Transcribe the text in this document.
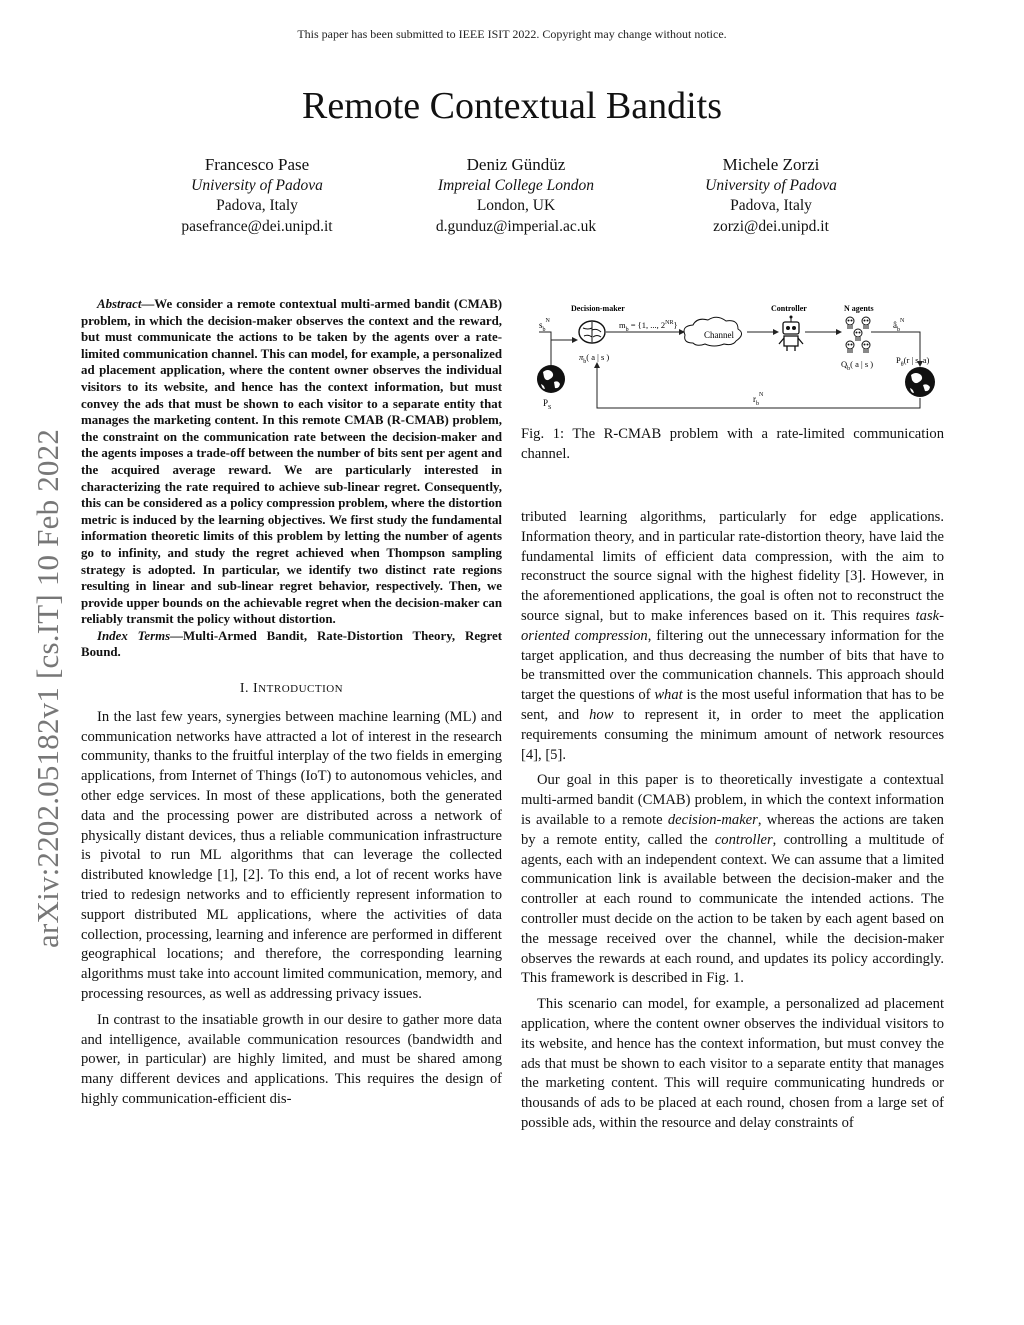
This paper has been submitted to IEEE ISIT 2022. Copyright may change without notice.
Remote Contextual Bandits
Francesco Pase
University of Padova
Padova, Italy
pasefrance@dei.unipd.it
Deniz Gündüz
Impreial College London
London, UK
d.gunduz@imperial.ac.uk
Michele Zorzi
University of Padova
Padova, Italy
zorzi@dei.unipd.it
arXiv:2202.05182v1 [cs.IT] 10 Feb 2022

Abstract—We consider a remote contextual multi-armed bandit (CMAB) problem, in which the decision-maker observes the context and the reward, but must communicate the actions to be taken by the agents over a rate-limited communication channel. This can model, for example, a personalized ad placement application, where the content owner observes the individual visitors to its website, and hence has the context information, but must convey the ads that must be shown to each visitor to a separate entity that manages the marketing content. In this remote CMAB (R-CMAB) problem, the constraint on the communication rate between the decision-maker and the agents imposes a trade-off between the number of bits sent per agent and the acquired average reward. We are particularly interested in characterizing the rate required to achieve sub-linear regret. Consequently, this can be considered as a policy compression problem, where the distortion metric is induced by the learning objectives. We first study the fundamental information theoretic limits of this problem by letting the number of agents go to infinity, and study the regret achieved when Thompson sampling strategy is adopted. In particular, we identify two distinct rate regions resulting in linear and sub-linear regret behavior, respectively. Then, we provide upper bounds on the achievable regret when the decision-maker can reliably transmit the policy without distortion.

Index Terms—Multi-Armed Bandit, Rate-Distortion Theory, Regret Bound.

I. INTRODUCTION

In the last few years, synergies between machine learning (ML) and communication networks have attracted a lot of interest in the research community, thanks to the fruitful interplay of the two fields in emerging applications, from Internet of Things (IoT) to autonomous vehicles, and other edge services. In most of these applications, both the generated data and the processing power are distributed across a network of physically distant devices, thus a reliable communication infrastructure is pivotal to run ML algorithms that can leverage the collected distributed knowledge [1], [2]. To this end, a lot of recent works have tried to redesign networks and to efficiently represent information to support distributed ML applications, where the activities of data collection, processing, learning and inference are performed in different geographical locations; and therefore, the corresponding learning algorithms must take into account limited communication, memory, and processing resources, as well as addressing privacy issues.

In contrast to the insatiable growth in our desire to gather more data and intelligence, available communication resources (bandwidth and power, in particular) are highly limited, and must be shared among many different devices and applications. This requires the design of highly communication-efficient dis-

Decision-maker	Controller	N agents
$s_b^N$
$P_S$
$\pi_b$( a | s )
$m_b = \{1$, ..., $2^{NR}$}
Channel
$Q_b$( a | s )
$â_b^N$
$P_\theta(r$ | s, a)
$r_b^N$
Fig. 1: The R-CMAB problem with a rate-limited communication channel.

tributed learning algorithms, particularly for edge applications. Information theory, and in particular rate-distortion theory, have laid the fundamental limits of efficient data compression, with the aim to reconstruct the source signal with the highest fidelity [3]. However, in the aforementioned applications, the goal is often not to reconstruct the source signal, but to make inferences based on it. This requires task-oriented compression, filtering out the unnecessary information for the target application, and thus decreasing the number of bits that have to be transmitted over the communication channels. This approach should target the questions of what is the most useful information that has to be sent, and how to represent it, in order to meet the application requirements consuming the minimum amount of network resources [4], [5].

Our goal in this paper is to theoretically investigate a contextual multi-armed bandit (CMAB) problem, in which the context information is available to a remote decision-maker, whereas the actions are taken by a remote entity, called the controller, controlling a multitude of agents, each with an independent context. We can assume that a limited communication link is available between the decision-maker and the controller at each round to communicate the intended actions. The controller must decide on the action to be taken by each agent based on the message received over the channel, while the decision-maker observes the rewards at each round, and updates its policy accordingly. This framework is described in Fig. 1.

This scenario can model, for example, a personalized ad placement application, where the content owner observes the individual visitors to its website, and hence has the context information, but must convey the ads that must be shown to each visitor to a separate entity that manages the marketing content. This will require communicating hundreds or thousands of ads to be placed at each round, chosen from a large set of possible ads, within the resource and delay constraints of
